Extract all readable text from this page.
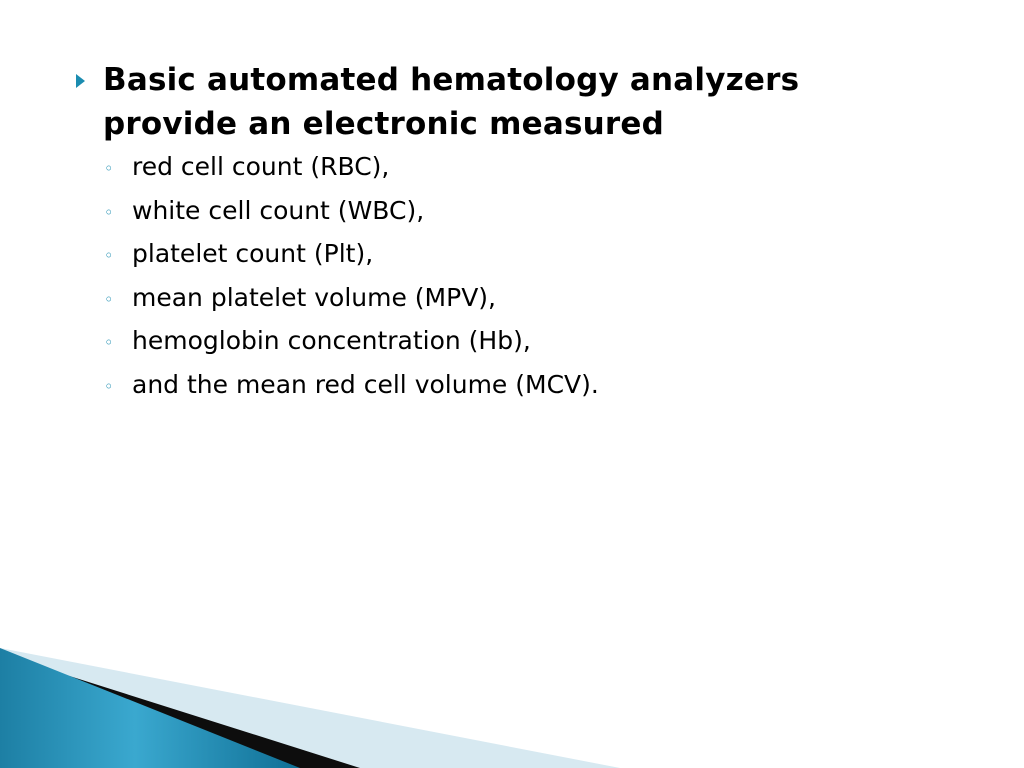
Basic automated hematology analyzers provide an electronic measured
◦ red cell count (RBC),
◦ white cell count (WBC),
◦ platelet count (Plt),
◦ mean platelet volume (MPV),
◦ hemoglobin concentration (Hb),
◦ and the mean red cell volume (MCV).
